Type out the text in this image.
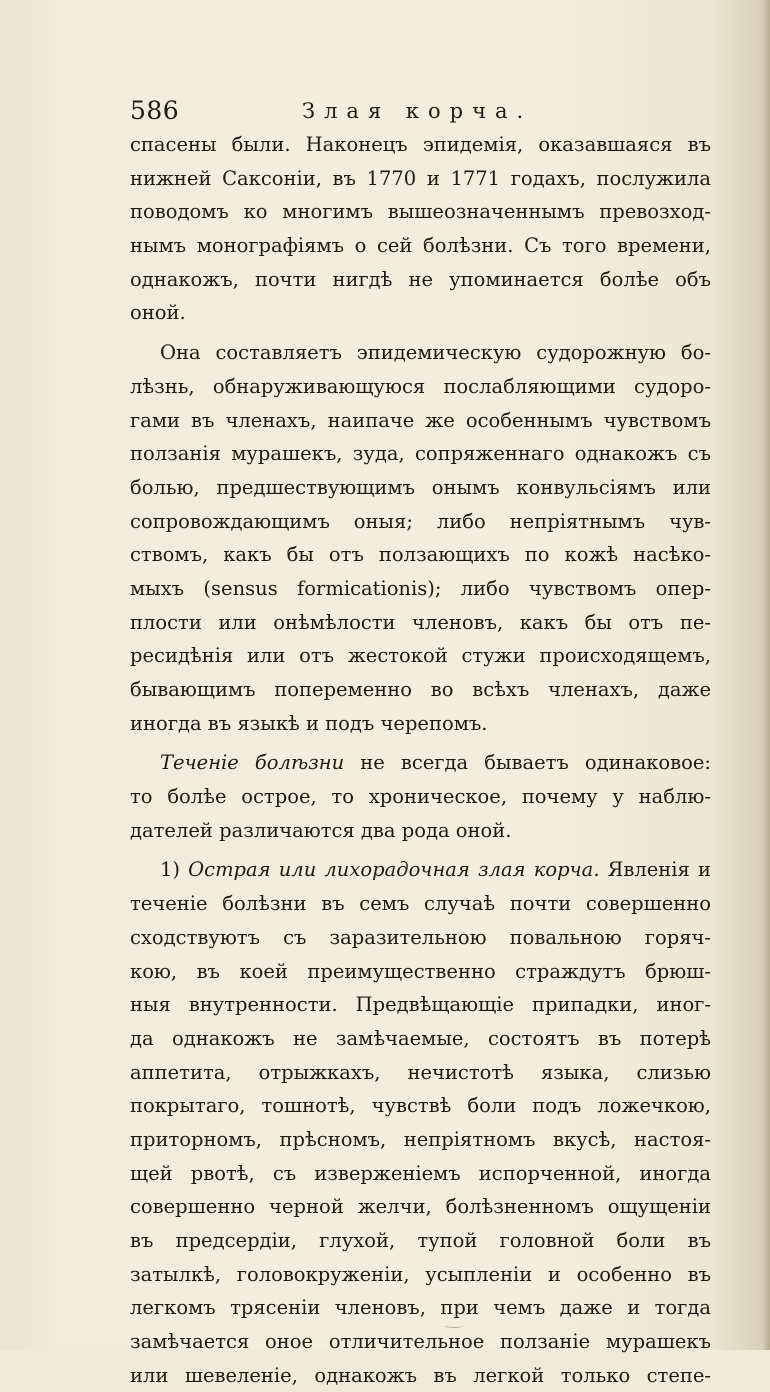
586	Злая корча.
спасены были. Наконецъ эпидемія, оказавшаяся въ
нижней Саксоніи, въ 1770 и 1771 годахъ, послужила
поводомъ ко многимъ вышеозначеннымъ превозход-
нымъ монографіямъ о сей болѣзни. Съ того времени,
однакожъ, почти нигдѣ не упоминается болѣе объ
оной.
Она составляетъ эпидемическую судорожную бо-
лѣзнь, обнаруживающуюся послабляющими судоро-
гами въ членахъ, наипаче же особеннымъ чувствомъ
ползанія мурашекъ, зуда, сопряженнаго однакожъ съ
болью, предшествующимъ онымъ конвульсіямъ или
сопровождающимъ оныя; либо непріятнымъ чув-
ствомъ, какъ бы отъ ползающихъ по кожѣ насѣко-
мыхъ (sensus formicationis); либо чувствомъ опер-
плости или онѣмѣлости членовъ, какъ бы отъ пе-
ресидѣнія или отъ жестокой стужи происходящемъ,
бывающимъ попеременно во всѣхъ членахъ, даже
иногда въ языкѣ и подъ черепомъ.
Теченіе болѣзни не всегда бываетъ одинаковое:
то болѣе острое, то хроническое, почему у наблю-
дателей различаются два рода оной.
1) Острая или лихорадочная злая корча. Явленія и
теченіе болѣзни въ семъ случаѣ почти совершенно
сходствуютъ съ заразительною повальною горяч-
кою, въ коей преимущественно страждутъ брюш-
ныя внутренности. Предвѣщающіе припадки, иног-
да однакожъ не замѣчаемые, состоятъ въ потерѣ
аппетита, отрыжкахъ, нечистотѣ языка, слизью
покрытаго, тошнотѣ, чувствѣ боли подъ ложечкою,
приторномъ, прѣсномъ, непріятномъ вкусѣ, настоя-
щей рвотѣ, съ изверженіемъ испорченной, иногда
совершенно черной желчи, болѣзненномъ ощущеніи
въ предсердіи, глухой, тупой головной боли въ
затылкѣ, головокруженіи, усыпленіи и особенно въ
легкомъ трясеніи членовъ, при чемъ даже и тогда
замѣчается оное отличительное ползаніе мурашекъ
или шевеленіе, однакожъ въ легкой только степе-
